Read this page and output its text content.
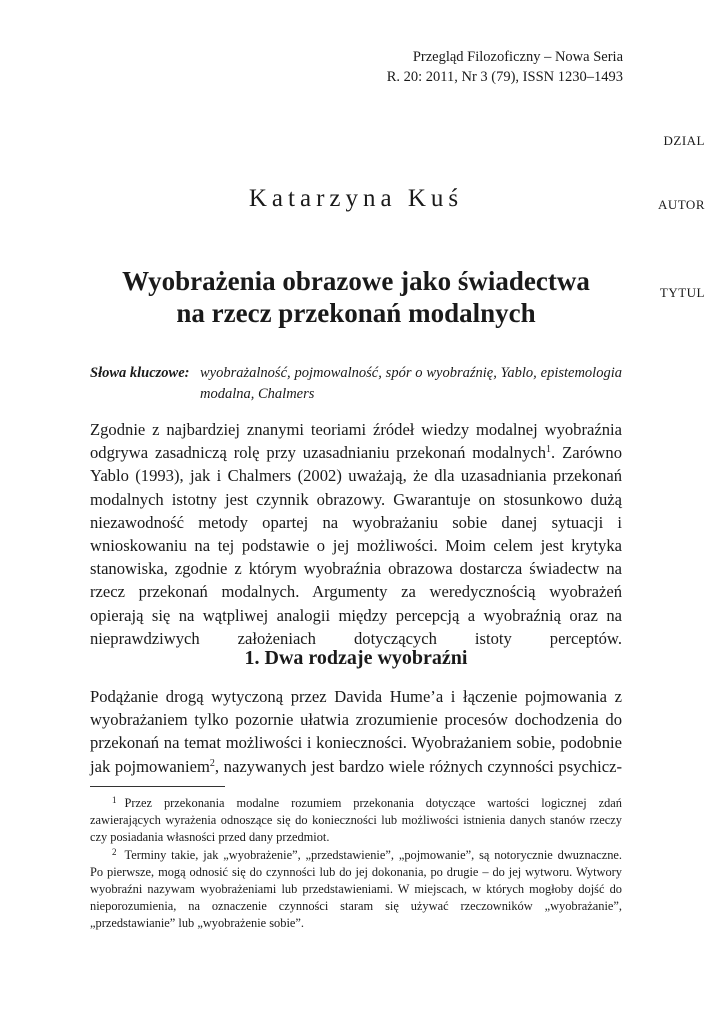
Przegląd Filozoficzny – Nowa Seria
R. 20: 2011, Nr 3 (79), ISSN 1230–1493
DZIAL
AUTOR
TYTUL
Katarzyna Kuś
Wyobrażenia obrazowe jako świadectwa
na rzecz przekonań modalnych
Słowa kluczowe: wyobrażalność, pojmowalność, spór o wyobraźnię, Yablo, epistemologia modalna, Chalmers

Zgodnie z najbardziej znanymi teoriami źródeł wiedzy modalnej wyobraźnia odgrywa zasadniczą rolę przy uzasadnianiu przekonań modalnych$^1$. Zarówno Yablo (1993), jak i Chalmers (2002) uważają, że dla uzasadniania przekonań modalnych istotny jest czynnik obrazowy. Gwarantuje on stosunkowo dużą niezawodność metody opartej na wyobrażaniu sobie danej sytuacji i wnioskowaniu na tej podstawie o jej możliwości. Moim celem jest krytyka stanowiska, zgodnie z którym wyobraźnia obrazowa dostarcza świadectw na rzecz przekonań modalnych. Argumenty za weredycznością wyobrażeń opierają się na wątpliwej analogii między percepcją a wyobraźnią oraz na nieprawdziwych założeniach dotyczących istoty perceptów.

1. Dwa rodzaje wyobraźni

Podążanie drogą wytyczoną przez Davida Hume’a i łączenie pojmowania z wyobrażaniem tylko pozornie ułatwia zrozumienie procesów dochodzenia do przekonań na temat możliwości i konieczności. Wyobrażaniem sobie, podobnie jak pojmowaniem$^2$, nazywanych jest bardzo wiele różnych czynności psychicz-

$^1$ Przez przekonania modalne rozumiem przekonania dotyczące wartości logicznej zdań zawierających wyrażenia odnoszące się do konieczności lub możliwości istnienia danych stanów rzeczy czy posiadania własności przed dany przedmiot.

$^2$ Terminy takie, jak „wyobrażenie”, „przedstawienie”, „pojmowanie”, są notorycznie dwuznaczne. Po pierwsze, mogą odnosić się do czynności lub do jej dokonania, po drugie – do jej wytworu. Wytwory wyobraźni nazywam wyobrażeniami lub przedstawieniami. W miejscach, w których mogłoby dojść do nieporozumienia, na oznaczenie czynności staram się używać rzeczowników „wyobrażanie”, „przedstawianie” lub „wyobrażenie sobie”.
